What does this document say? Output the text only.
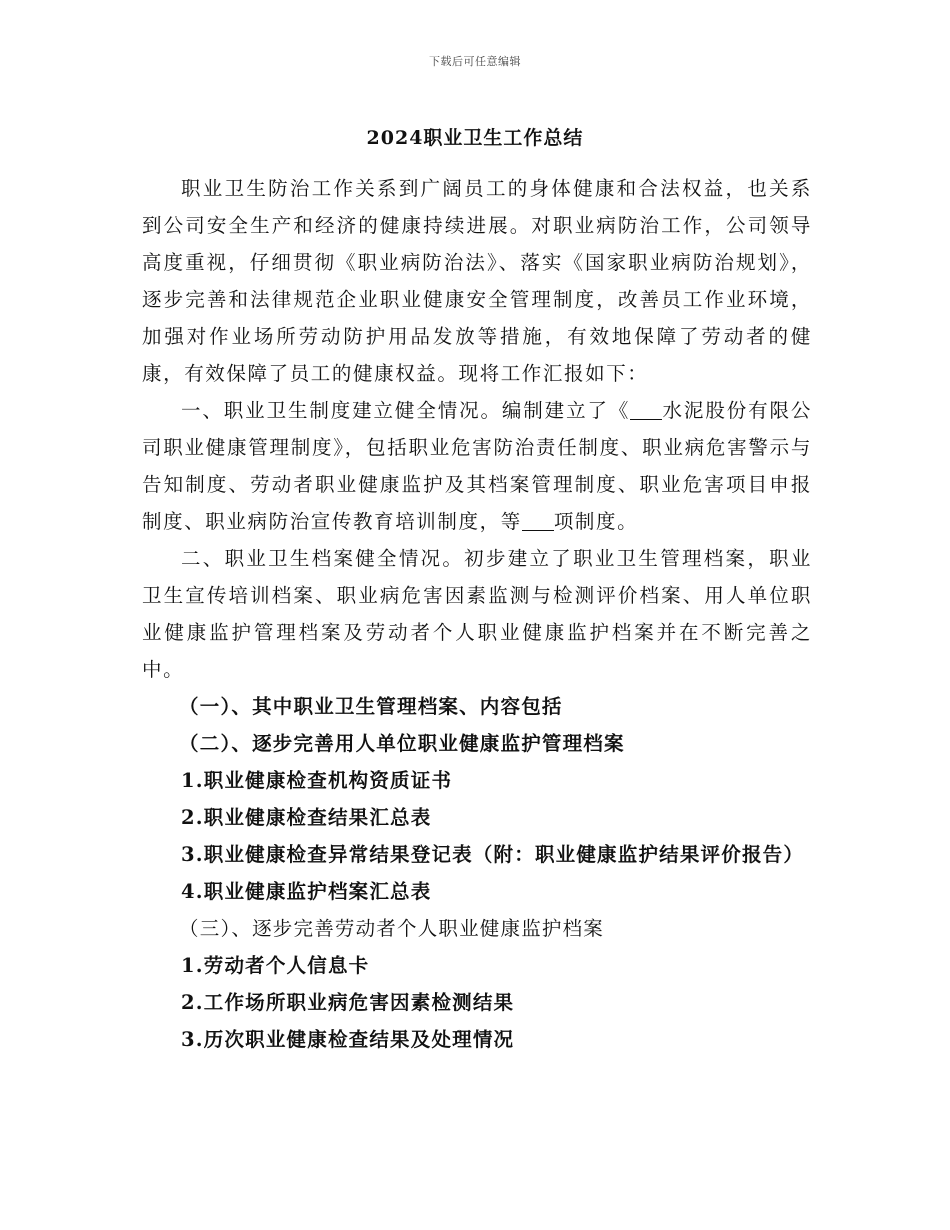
下载后可任意编辑
2024职业卫生工作总结

职业卫生防治工作关系到广阔员工的身体健康和合法权益，也关系到公司安全生产和经济的健康持续进展。对职业病防治工作，公司领导高度重视，仔细贯彻《职业病防治法》、落实《国家职业病防治规划》，逐步完善和法律规范企业职业健康安全管理制度，改善员工作业环境，加强对作业场所劳动防护用品发放等措施，有效地保障了劳动者的健康，有效保障了员工的健康权益。现将工作汇报如下：

一、职业卫生制度建立健全情况。编制建立了《 水泥股份有限公司职业健康管理制度》，包括职业危害防治责任制度、职业病危害警示与告知制度、劳动者职业健康监护及其档案管理制度、职业危害项目申报制度、职业病防治宣传教育培训制度，等 项制度。

二、职业卫生档案健全情况。初步建立了职业卫生管理档案，职业卫生宣传培训档案、职业病危害因素监测与检测评价档案、用人单位职业健康监护管理档案及劳动者个人职业健康监护档案并在不断完善之中。

（一）、其中职业卫生管理档案、内容包括

（二）、逐步完善用人单位职业健康监护管理档案

1.职业健康检查机构资质证书

2.职业健康检查结果汇总表

3.职业健康检查异常结果登记表（附：职业健康监护结果评价报告）

4.职业健康监护档案汇总表

（三）、逐步完善劳动者个人职业健康监护档案

1.劳动者个人信息卡

2.工作场所职业病危害因素检测结果

3.历次职业健康检查结果及处理情况
